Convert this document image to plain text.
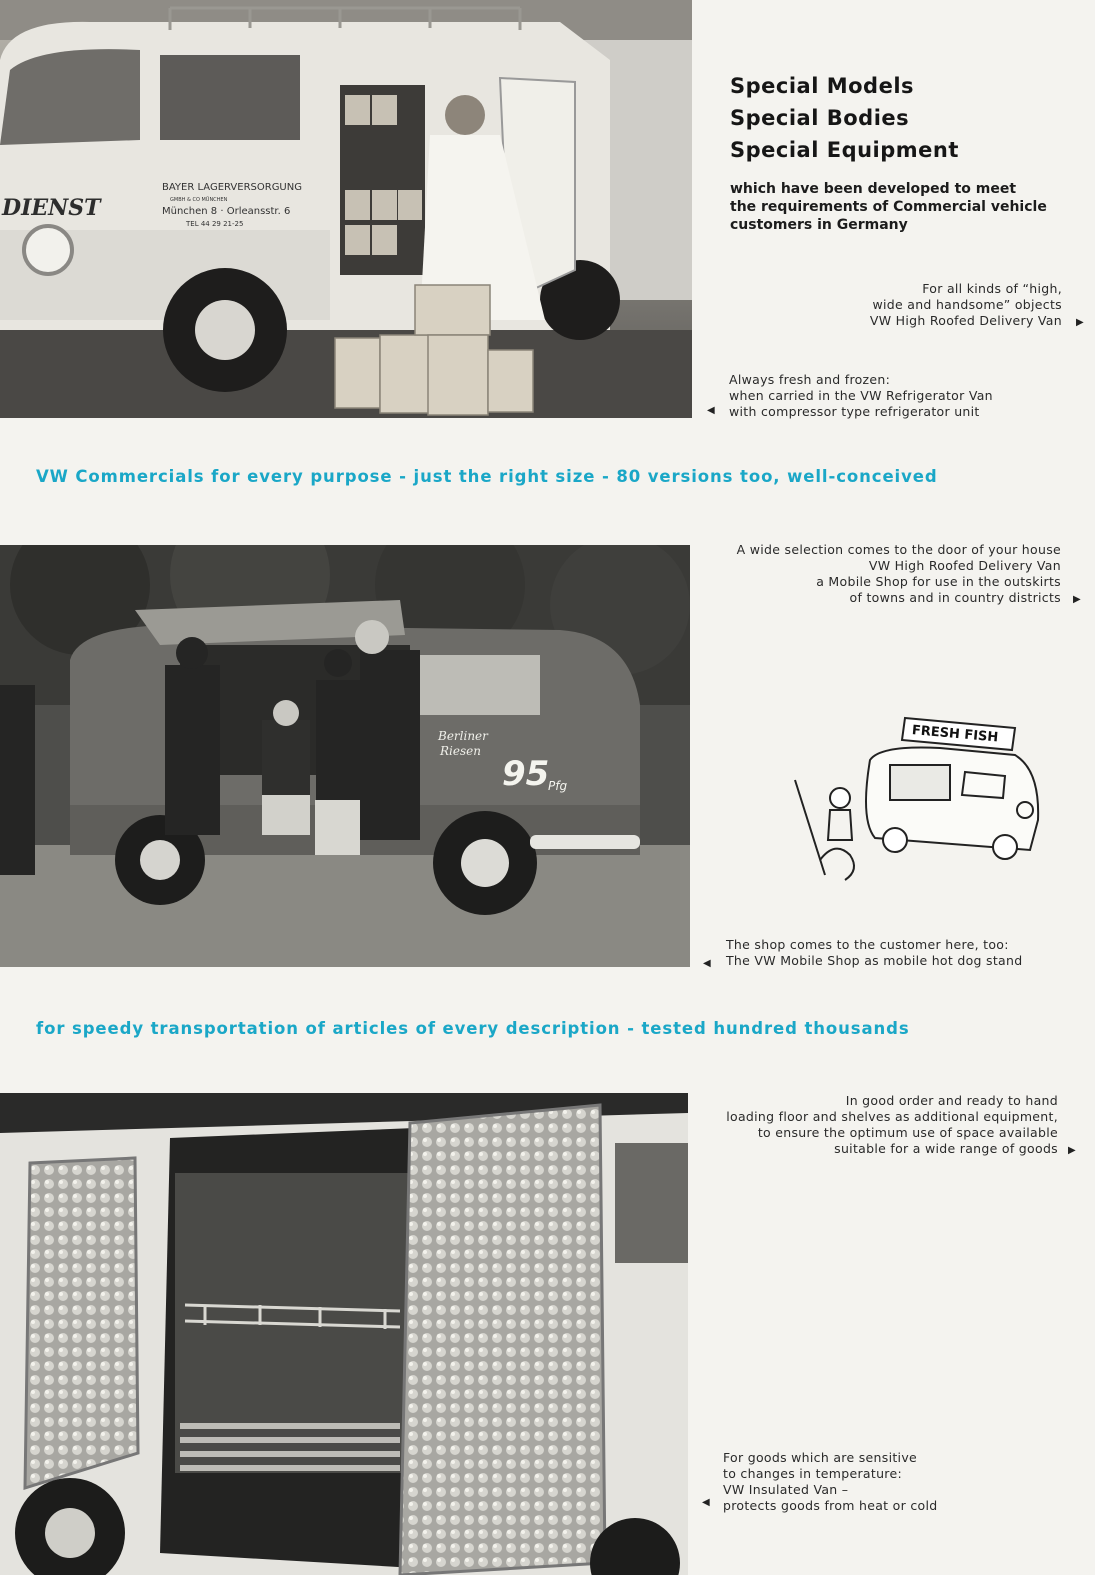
BAYER LAGERVERSORGUNG
GMBH & CO MÜNCHEN
München 8 · Orleansstr. 6
TEL 44 29 21-25
DIENST
Special Models
Special Bodies
Special Equipment
which have been developed to meet
the requirements of Commercial vehicle
customers in Germany
For all kinds of “high,
wide and handsome” objects
VW High Roofed Delivery Van ▶
◀
Always fresh and frozen:
when carried in the VW Refrigerator Van
with compressor type refrigerator unit
VW Commercials for every purpose - just the right size - 80 versions too, well-conceived
Berliner
Riesen
95
Pfg
A wide selection comes to the door of your house
VW High Roofed Delivery Van
a Mobile Shop for use in the outskirts
of towns and in country districts ▶
FRESH FISH
◀
The shop comes to the customer here, too:
The VW Mobile Shop as mobile hot dog stand
for speedy transportation of articles of every description - tested hundred thousands
In good order and ready to hand
loading floor and shelves as additional equipment,
to ensure the optimum use of space available
suitable for a wide range of goods ▶
◀
For goods which are sensitive
to changes in temperature:
VW Insulated Van –
protects goods from heat or cold
